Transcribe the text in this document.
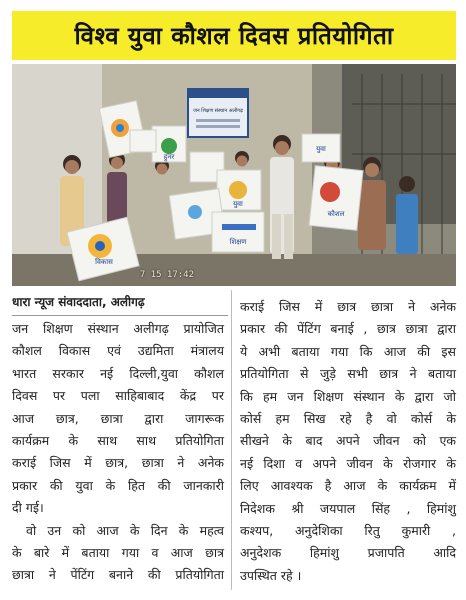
विश्व युवा कौशल दिवस प्रतियोगिता
जन शिक्षण संस्थान अलीगढ़
युवा
कौशल
शिक्षण
हुनर
युवा
विकास
7 15 17:42
धारा न्यूज संवाददाता, अलीगढ़

जन शिक्षण संस्थान अलीगढ़ प्रायोजित

कौशल विकास एवं उद्यमिता मंत्रालय

भारत सरकार नई दिल्ली,युवा कौशल

दिवस पर पला साहिबाबाद केंद्र पर

आज छात्र, छात्रा द्वारा जागरूक

कार्यक्रम के साथ साथ प्रतियोगिता

कराई जिस में छात्र, छात्रा ने अनेक

प्रकार की युवा के हित की जानकारी

दी गई।

वो उन को आज के दिन के महत्व

के बारे में बताया गया व आज छात्र

छात्रा ने पेंटिंग बनाने की प्रतियोगिता

कराई जिस में छात्र छात्रा ने अनेक

प्रकार की पेंटिंग बनाई , छात्र छात्रा द्वारा

ये अभी बताया गया कि आज की इस

प्रतियोगिता से जुड़े सभी छात्र ने बताया

कि हम जन शिक्षण संस्थान के द्वारा जो

कोर्स हम सिख रहे है वो कोर्स के

सीखने के बाद अपने जीवन को एक

नई दिशा व अपने जीवन के रोजगार के

लिए आवश्यक है आज के कार्यक्रम में

निदेशक श्री जयपाल सिंह , हिमांशु

कश्यप, अनुदेशिका रितु कुमारी ,

अनुदेशक हिमांशु प्रजापति आदि

उपस्थित रहे ।
